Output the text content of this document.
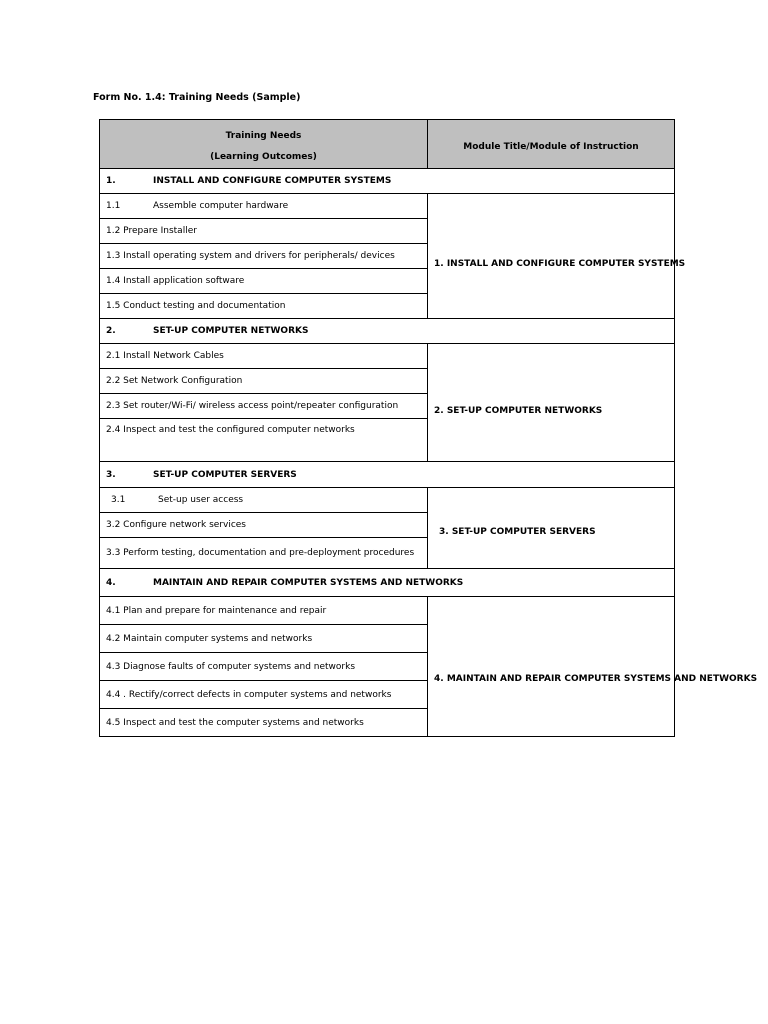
Form No. 1.4: Training Needs (Sample)
Training Needs
(Learning Outcomes)	Module Title/Module of Instruction

1. INSTALL AND CONFIGURE COMPUTER SYSTEMS	
1.1 Assemble computer hardware	1. INSTALL AND CONFIGURE COMPUTER SYSTEMS

1.2 Prepare Installer	
1.3 Install operating system and drivers for peripherals/ devices	
1.4 Install application software	
1.5 Conduct testing and documentation	
2. SET-UP COMPUTER NETWORKS	
2.1 Install Network Cables	2. SET-UP COMPUTER NETWORKS

2.2 Set Network Configuration	
2.3 Set router/Wi-Fi/ wireless access point/repeater configuration	
2.4 Inspect and test the configured computer networks	
3. SET-UP COMPUTER SERVERS	
3.1 Set-up user access	3. SET-UP COMPUTER SERVERS

3.2 Configure network services	
3.3 Perform testing, documentation and pre-deployment procedures	
4. MAINTAIN AND REPAIR COMPUTER SYSTEMS AND NETWORKS	
4.1 Plan and prepare for maintenance and repair	4. MAINTAIN AND REPAIR COMPUTER SYSTEMS AND NETWORKS

4.2 Maintain computer systems and networks	
4.3 Diagnose faults of computer systems and networks	
4.4 . Rectify/correct defects in computer systems and networks	
4.5 Inspect and test the computer systems and networks	
